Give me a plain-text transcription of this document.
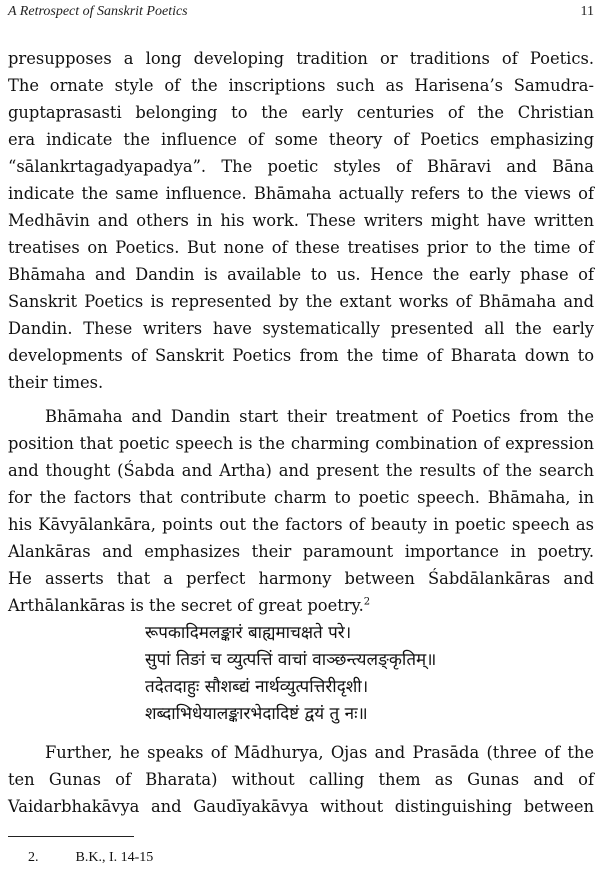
A Retrospect of Sanskrit Poetics	11
presupposes a long developing tradition or traditions of Poetics.
The ornate style of the inscriptions such as Harisena’s Samudra-
guptaprasasti belonging to the early centuries of the Christian
era indicate the influence of some theory of Poetics emphasizing
“sālankrtagadyapadya”. The poetic styles of Bhāravi and Bāna
indicate the same influence. Bhāmaha actually refers to the views of
Medhāvin and others in his work. These writers might have written
treatises on Poetics. But none of these treatises prior to the time of
Bhāmaha and Dandin is available to us. Hence the early phase of
Sanskrit Poetics is represented by the extant works of Bhāmaha and
Dandin. These writers have systematically presented all the early
developments of Sanskrit Poetics from the time of Bharata down to
their times.
Bhāmaha and Dandin start their treatment of Poetics from the
position that poetic speech is the charming combination of expression
and thought (Śabda and Artha) and present the results of the search
for the factors that contribute charm to poetic speech. Bhāmaha, in
his Kāvyālankāra, points out the factors of beauty in poetic speech as
Alankāras and emphasizes their paramount importance in poetry.
He asserts that a perfect harmony between Śabdālankāras and
Arthālankāras is the secret of great poetry.$^2$
रूपकादिमलङ्कारं बाह्यमाचक्षते परे।
सुपां तिङां च व्युत्पत्तिं वाचां वाञ्छन्त्यलङ्कृतिम्॥
तदेतदाहुः सौशब्द्यं नार्थव्युत्पत्तिरीदृशी।
शब्दाभिधेयालङ्कारभेदादिष्टं द्वयं तु नः॥
Further, he speaks of Mādhurya, Ojas and Prasāda (three of the
ten Gunas of Bharata) without calling them as Gunas and of
Vaidarbhakāvya and Gaudīyakāvya without distinguishing between
2.	B.K., I. 14-15
